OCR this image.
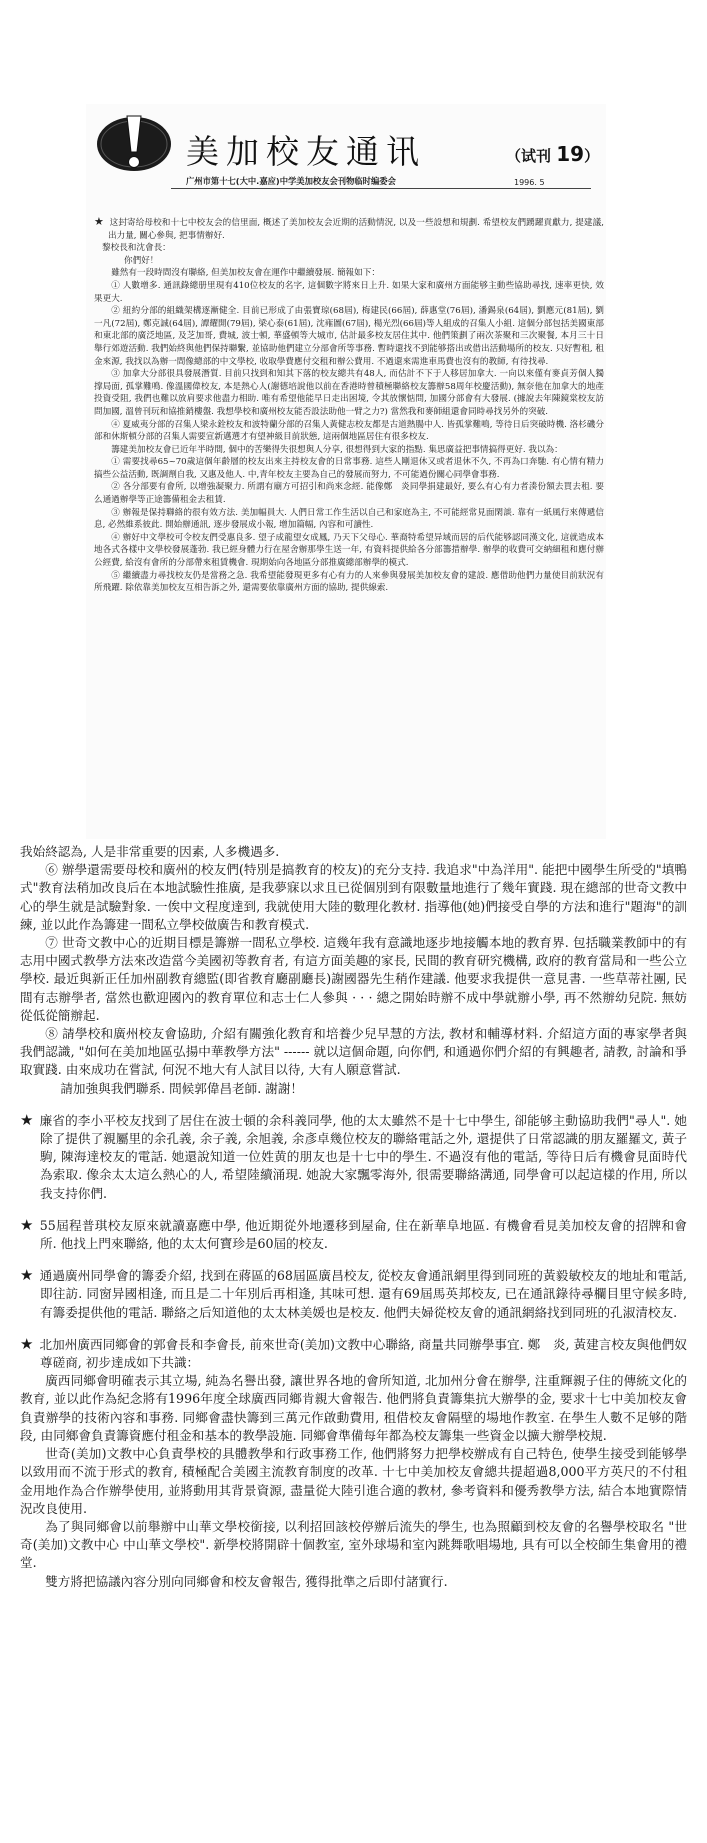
美加校友通讯	（试刊 19）
广州市第十七(大中.嘉应)中学美加校友会刊物临时编委会	1996. 5

★ 这封寄给母校和十七中校友会的信里面, 概述了美加校友会近期的活動情況, 以及一些設想和規劃. 希望校友們踴躍貢獻力, 提建議, 出力量, 關心參與, 把事情辦好.

黎校長和沈會長：

你們好！

雖然有一段時間沒有聯絡, 但美加校友會在運作中繼續發展. 簡報如下：

① 人數增多. 通訊錄總册里現有410位校友的名字, 這個數字將來日上升. 如果大家和廣州方面能够主動些協助尋找, 速率更快, 效果更大.

② 紐約分部的組織架構逐漸健全. 目前已形成了由張寶琼(68屆), 梅建民(66屆), 薛惠堂(76屆), 潘錫泉(64屆), 劉應元(81屆), 劉一凡(72屆), 鄭克誠(64屆), 譚耀開(79屆), 梁心泰(61屆), 沈雍圖(67屆), 楊光烈(66屆)等人組成的召集人小組. 這個分部包括美國東部和東北部的廣泛地區, 及芝加哥, 費城, 波士頓, 華盛頓等大城市, 估計最多校友居住其中. 他們策劃了兩次茶聚和三次聚餐, 本月三十日舉行郊遊活動. 我們始終與他們保持聯繫, 並協助他們建立分部會所等事務. 暫時還找不到能够搭出或借出活動場所的校友. 只好暫租, 租金來源, 我找以為辦一間像總部的中文學校, 收取學費應付交租和辦公費用. 不過還來需進車馬費也沒有的教師, 有待找尋.

③ 加拿大分部很具發展潛質. 目前只找到和知其下落的校友總共有48人, 而估計不下于人移居加拿大. 一向以來僅有麥貞芳個人獨撑局面, 孤掌難鳴. 像溫國偉校友, 本是熱心人(謝德培說他以前在香港時曾積極聯絡校友籌辦58周年校慶活動), 無奈他在加拿大的地產投資受阻, 我們也難以放肩要求他盡力相助. 唯有希望他能早日走出困境, 令其放懷惦問, 加國分部會有大發展. (據說去年陳鏡棠校友訪問加國, 溫曾刊玩和協推銷樓盤. 我想學校和廣州校友能否設法助他一臂之力?) 當然我和麥師組還會同時尋找另外的突破.

④ 夏威夷分部的召集人梁永銓校友和波特蘭分部的召集人黃健志校友都是古道熱腸中人. 皆孤掌難鳴, 等待日后突破時機. 洛杉磯分部和休斯頓分部的召集人需要宣新邁選才有望神級目前狀態, 這兩個地區居住有很多校友.

籌建美加校友會已近年半時間, 個中的苦樂得失很想與人分享, 很想得到大家的指點. 集思廣益把事情搞得更好. 我以為：

① 需要找尋65~70歲這個年齡層的校友出來主持校友會的日常事務. 這些人剛退休又或者退休不久, 不再為口奔馳. 有心情有精力搞些公益活動, 既調劑自我, 又惠及他人. 中,青年校友主要為自己的發展而努力, 不可能過份關心同學會事務.

② 各分部要有會所, 以增強凝聚力. 所謂有廟方可招引和尚來念經. 能像鄭　炎同學捐建最好, 要么有心有力者湊份額去買去租. 要么通過辦學等正途籌備租金去租賃.

③ 辦報是保持聯絡的很有效方法. 美加幅員大. 人們日常工作生活以自己和家庭為主, 不可能經常見面閑談. 靠有一紙風行來傳遞信息, 必然維系彼此. 開始辦通訊, 逐步發展成小報, 增加篇幅, 內容和可讀性.

④ 辦好中文學校可令校友們受惠良多. 望子成龍望女成鳳, 乃天下父母心. 華裔特希望异域而居的后代能够認同漢文化, 這就造成本地各式各樣中文學校發展蓬勃. 我已經身體力行在屋舍辦那學生送一年, 有資料提供給各分部籌措辦學. 辦學的收費可交納細租和應付辦公經費, 給沒有會所的分部帶來租賃機會. 現期始向各地區分部推廣總部辦學的模式.

⑤ 繼續盡力尋找校友仍是當務之急. 我希望能發現更多有心有力的人來參與發展美加校友會的建設. 應借助他們力量使目前狀況有所飛躍. 除依靠美加校友互相告訴之外, 還需要依靠廣州方面的協助, 提供線索.

我始終認為, 人是非常重要的因素, 人多機遇多.

⑥ 辦學還需要母校和廣州的校友們(特別是搞教育的校友)的充分支持. 我追求"中為洋用". 能把中國學生所受的"填鴨式"教育法稍加改良后在本地試驗性推廣, 是我夢寐以求且已從個別到有限數量地進行了幾年實踐. 現在總部的世奇文教中心的學生就是試驗對象. 一俟中文程度達到, 我就使用大陸的數理化教材. 指導他(她)們接受自學的方法和進行"題海"的訓練, 並以此作為籌建一間私立學校做廣告和教育模式.

⑦ 世奇文教中心的近期目標是籌辦一間私立學校. 這幾年我有意識地逐步地接觸本地的教育界. 包括職業教師中的有志用中國式教學方法來改造當今美國初等教育者, 有這方面美趣的家長, 民間的教育研究機構, 政府的教育當局和一些公立學校. 最近與新正任加州副教育總監(即省教育廳副廳長)謝國器先生稍作建議. 他要求我提供一意見書. 一些草蒂社團, 民間有志辦學者, 當然也歡迎國內的教育單位和志士仁人參與 · · · 總之開始時辦不成中學就辦小學, 再不然辦幼兒院. 無妨從低從簡辦起.

⑧ 請學校和廣州校友會協助, 介紹有關強化教育和培養少兒早慧的方法, 教材和輔導材料. 介紹這方面的專家學者與我們認識, "如何在美加地區弘揚中華教學方法" ------ 就以這個命題, 向你們, 和通過你們介紹的有興趣者, 請教, 討論和爭取實踐. 由來成功在嘗試, 何況不地大有人試目以待, 大有人願意嘗試.

請加強與我們聯系. 問候郭偉昌老師. 謝謝！

★ 廉省的李小平校友找到了居住在波士頓的余科義同學, 他的太太雖然不是十七中學生, 卻能够主動協助我們"尋人". 她除了提供了親屬里的余孔義, 余子義, 余旭義, 余彥卓幾位校友的聯絡電話之外, 還提供了日常認識的朋友羅羅文, 黃子駒, 陳海達校友的電話. 她還說知道一位姓黄的朋友也是十七中的學生. 不過沒有他的電話, 等待日后有機會見面時代為索取. 像余太太這么熱心的人, 希望陸續涌現. 她說大家飄零海外, 很需要聯絡溝通, 同學會可以起這樣的作用, 所以我支持你們.

★ 55屆程普琪校友原來就讀嘉應中學, 他近期從外地遷移到屋侖, 住在新華阜地區. 有機會看見美加校友會的招牌和會所. 他找上門來聯絡, 他的太太何寶珍是60屆的校友.

★ 通過廣州同學會的籌委介紹, 找到在蔣區的68屆區廣昌校友, 從校友會通訊網里得到同班的黃毅敏校友的地址和電話, 即往訪. 同窗异國相逢, 而且是二十年別后再相逢, 其味可想. 還有69屆馬英邦校友, 已在通訊錄待尋欄目里守候多時, 有籌委提供他的電話. 聯絡之后知道他的太太林美媛也是校友. 他們夫婦從校友會的通訊網絡找到同班的孔淑清校友.

★ 北加州廣西同鄉會的郭會長和李會長, 前來世奇(美加)文教中心聯絡, 商量共同辦學事宜. 鄭　炎, 黃建言校友與他們奴尊磋商, 初步達成如下共識：

廣西同鄉會明確表示其立場, 純為名譽出發, 讓世界各地的會所知道, 北加州分會在辦學, 注重輝親子住的傳統文化的教育, 並以此作為紀念將有1996年度全球廣西同鄉肯親大會報告. 他們將負責籌集抗大辦學的金, 要求十七中美加校友會負責辦學的技術內容和事務. 同鄉會盡快籌到三萬元作啟動費用, 租借校友會隔壁的場地作教室. 在學生人數不足够的階段, 由同鄉會負責籌資應付租金和基本的教學設施. 同鄉會準備每年都為校友籌集一些資金以擴大辦學校規.

世奇(美加)文教中心負責學校的具體教學和行政事務工作, 他們將努力把學校辦成有自己特色, 使學生接受到能够學以致用而不流于形式的教育, 積極配合美國主流教育制度的改革. 十七中美加校友會總共提超過8,000平方英尺的不付租金用地作為合作辦學使用, 並將動用其背景資源, 盡量從大陸引進合適的教材, 參考資料和優秀教學方法, 結合本地實際情況改良使用.

為了與同鄉會以前舉辦中山華文學校銜接, 以利招回該校停辦后流失的學生, 也為照顧到校友會的名譽學校取名 "世奇(美加)文教中心 中山華文學校". 新學校將開辟十個教室, 室外球場和室內跳舞歌唱場地, 具有可以全校師生集會用的禮堂.

雙方將把協議內容分別向同鄉會和校友會報告, 獲得批準之后即付諸實行.
